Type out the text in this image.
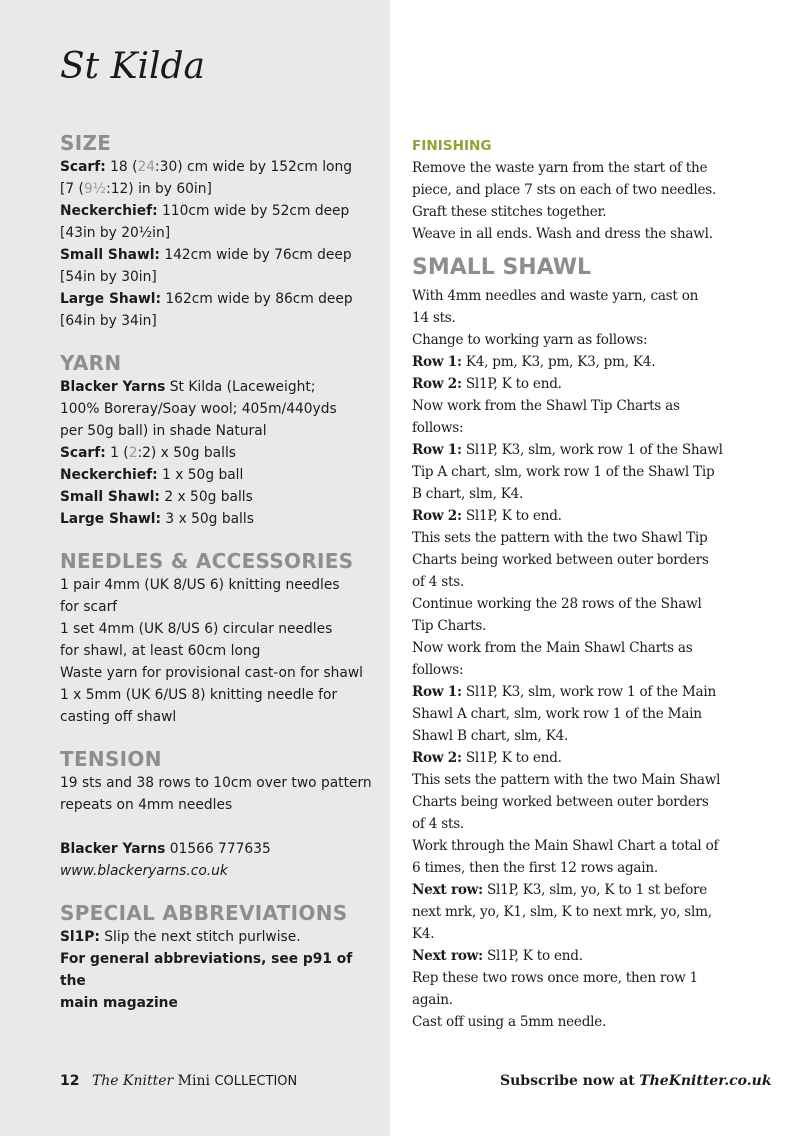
St Kilda
SIZE

Scarf: 18 (24:30) cm wide by 152cm long

[7 (9½:12) in by 60in]

Neckerchief: 110cm wide by 52cm deep

[43in by 20½in]

Small Shawl: 142cm wide by 76cm deep

[54in by 30in]

Large Shawl: 162cm wide by 86cm deep

[64in by 34in]

YARN

Blacker Yarns St Kilda (Laceweight;

100% Boreray/Soay wool; 405m/440yds

per 50g ball) in shade Natural

Scarf: 1 (2:2) x 50g balls

Neckerchief: 1 x 50g ball

Small Shawl: 2 x 50g balls

Large Shawl: 3 x 50g balls

NEEDLES & ACCESSORIES

1 pair 4mm (UK 8/US 6) knitting needles

for scarf

1 set 4mm (UK 8/US 6) circular needles

for shawl, at least 60cm long

Waste yarn for provisional cast-on for shawl

1 x 5mm (UK 6/US 8) knitting needle for

casting off shawl

TENSION

19 sts and 38 rows to 10cm over two pattern

repeats on 4mm needles

Blacker Yarns 01566 777635

www.blackeryarns.co.uk

SPECIAL ABBREVIATIONS

Sl1P: Slip the next stitch purlwise.

For general abbreviations, see p91 of the

main magazine

FINISHING

Remove the waste yarn from the start of the

piece, and place 7 sts on each of two needles.

Graft these stitches together.

Weave in all ends. Wash and dress the shawl.

SMALL SHAWL

With 4mm needles and waste yarn, cast on

14 sts.

Change to working yarn as follows:

Row 1: K4, pm, K3, pm, K3, pm, K4.

Row 2: Sl1P, K to end.

Now work from the Shawl Tip Charts as

follows:

Row 1: Sl1P, K3, slm, work row 1 of the Shawl

Tip A chart, slm, work row 1 of the Shawl Tip

B chart, slm, K4.

Row 2: Sl1P, K to end.

This sets the pattern with the two Shawl Tip

Charts being worked between outer borders

of 4 sts.

Continue working the 28 rows of the Shawl

Tip Charts.

Now work from the Main Shawl Charts as

follows:

Row 1: Sl1P, K3, slm, work row 1 of the Main

Shawl A chart, slm, work row 1 of the Main

Shawl B chart, slm, K4.

Row 2: Sl1P, K to end.

This sets the pattern with the two Main Shawl

Charts being worked between outer borders

of 4 sts.

Work through the Main Shawl Chart a total of

6 times, then the first 12 rows again.

Next row: Sl1P, K3, slm, yo, K to 1 st before

next mrk, yo, K1, slm, K to next mrk, yo, slm,

K4.

Next row: Sl1P, K to end.

Rep these two rows once more, then row 1

again.

Cast off using a 5mm needle.

12 The Knitter Mini COLLECTION	Subscribe now at TheKnitter.co.uk
